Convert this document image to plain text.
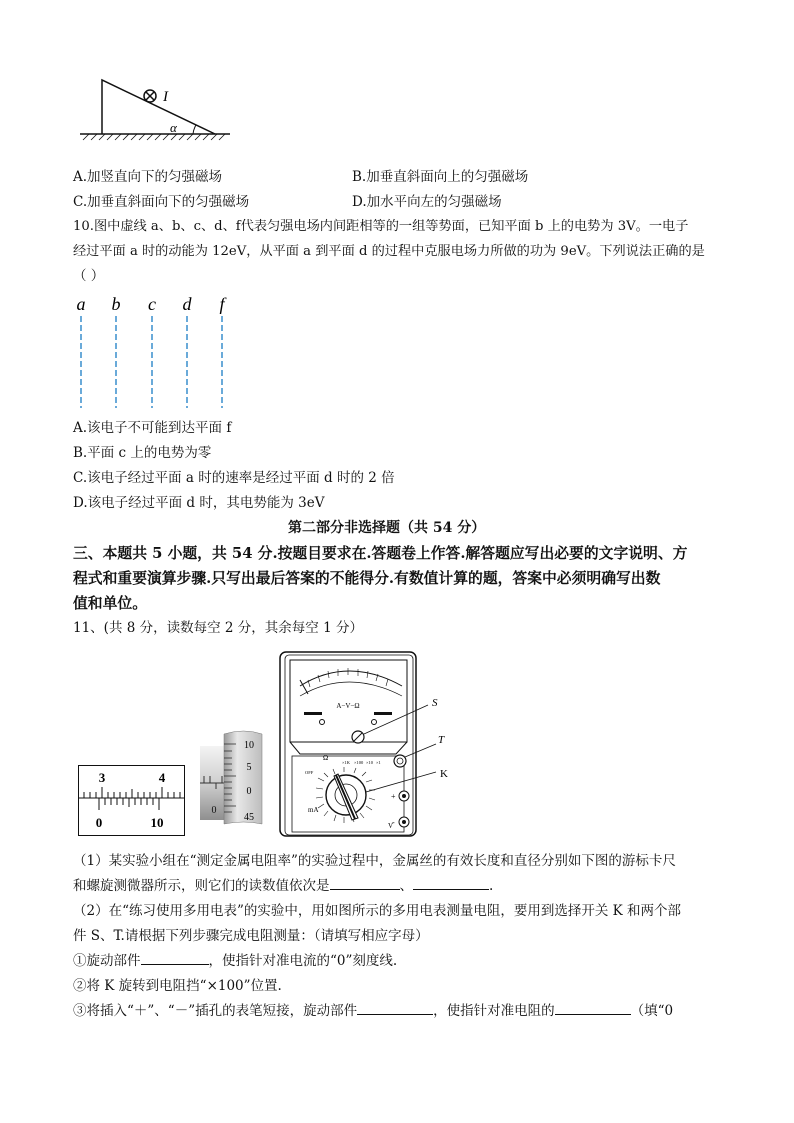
I
α
A.加竖直向下的匀强磁场	B.加垂直斜面向上的匀强磁场
C.加垂直斜面向下的匀强磁场	D.加水平向左的匀强磁场
10.图中虚线 a、b、c、d、f代表匀强电场内间距相等的一组等势面，已知平面 b 上的电势为 3V。一电子
经过平面 a 时的动能为 12eV，从平面 a 到平面 d 的过程中克服电场力所做的功为 9eV。下列说法正确的是
（ ）
a b c d f
A.该电子不可能到达平面 f
B.平面 c 上的电势为零
C.该电子经过平面 a 时的速率是经过平面 d 时的 2 倍
D.该电子经过平面 d 时，其电势能为 3eV
第二部分非选择题（共 54 分）
三、本题共 5 小题，共 54 分.按题目要求在.答题卷上作答.解答题应写出必要的文字说明、方
程式和重要演算步骤.只写出最后答案的不能得分.有数值计算的题，答案中必须明确写出数
值和单位。
11、(共 8 分，读数每空 2 分，其余每空 1 分）
3	4
0	10
0
10
5
0
45
A−V−Ω	S
Ω
×1K ×100 ×10 ×1
OFF
mA
V
K
T
+
-
（1）某实验小组在“测定金属电阻率”的实验过程中，金属丝的有效长度和直径分别如下图的游标卡尺
和螺旋测微器所示，则它们的读数值依次是	、	.
（2）在“练习使用多用电表”的实验中，用如图所示的多用电表测量电阻，要用到选择开关 K 和两个部
件 S、T.请根据下列步骤完成电阻测量：（请填写相应字母）
①旋动部件	，使指针对准电流的“0”刻度线.
②将 K 旋转到电阻挡“×100”位置.
③将插入“＋”、“－”插孔的表笔短接，旋动部件	，使指针对准电阻的	（填“0
